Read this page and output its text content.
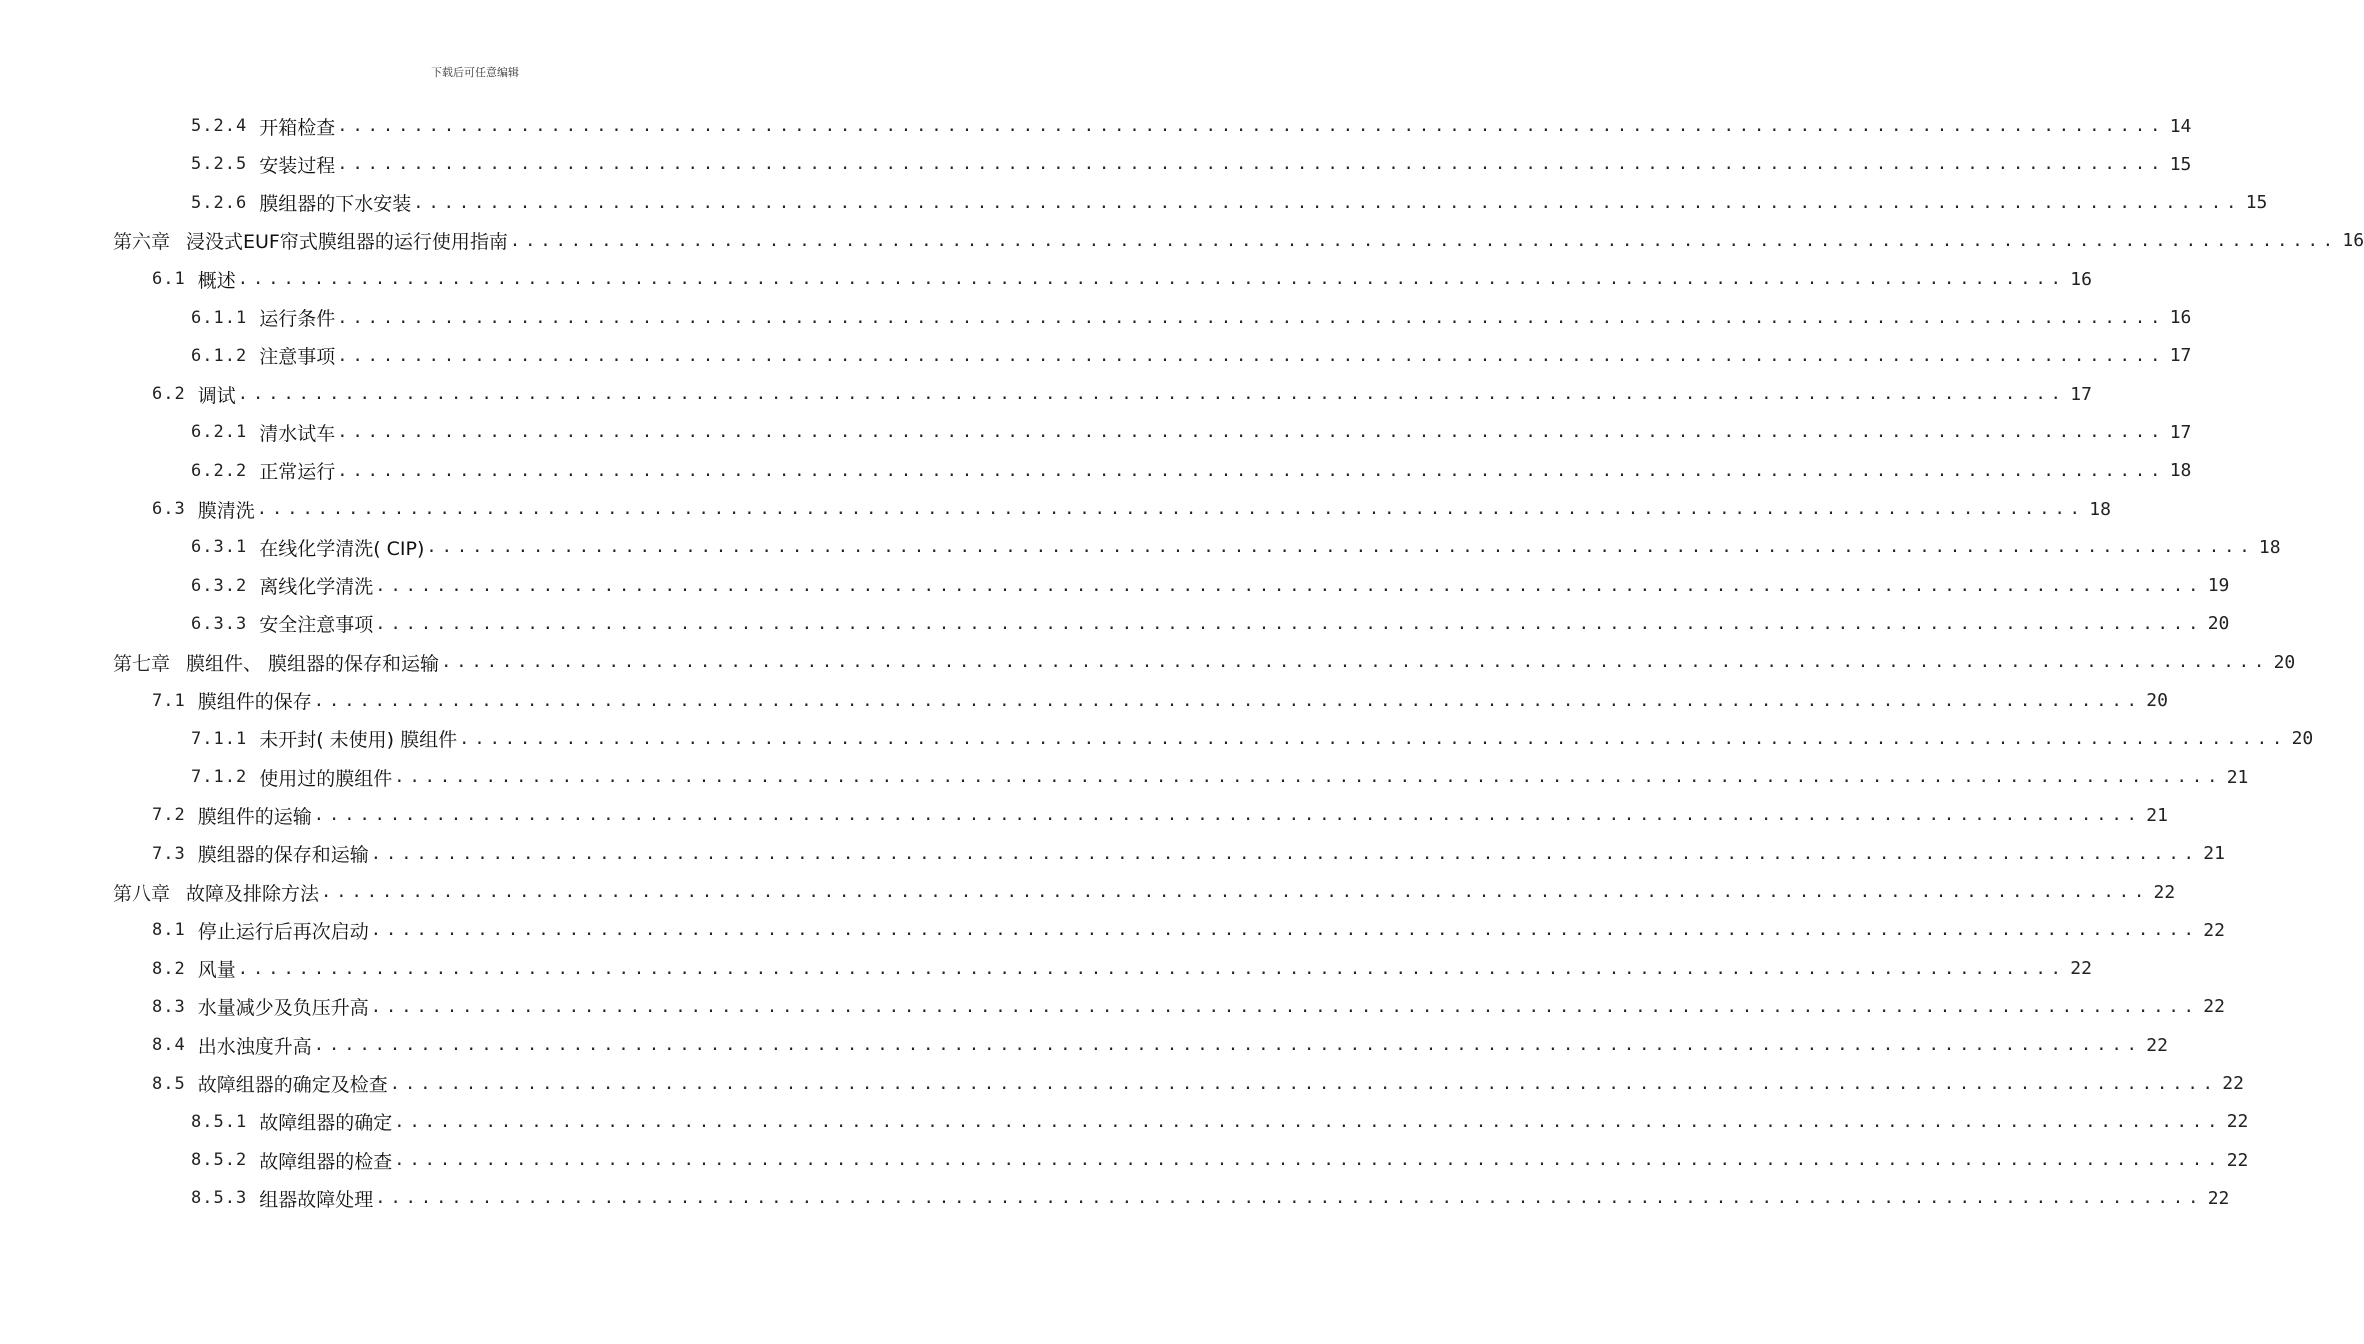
下载后可任意编辑
5.2.4 开箱检查 ........................................................................................................................ 14
5.2.5 安装过程 ........................................................................................................................ 15
5.2.6 膜组器的下水安装 ........................................................................................................................ 15
第六章 浸没式EUF帘式膜组器的运行使用指南 ........................................................................................................................ 16
6.1 概述 ........................................................................................................................ 16
6.1.1 运行条件 ........................................................................................................................ 16
6.1.2 注意事项 ........................................................................................................................ 17
6.2 调试 ........................................................................................................................ 17
6.2.1 清水试车 ........................................................................................................................ 17
6.2.2 正常运行 ........................................................................................................................ 18
6.3 膜清洗 ........................................................................................................................ 18
6.3.1 在线化学清洗( CIP) ........................................................................................................................ 18
6.3.2 离线化学清洗 ........................................................................................................................ 19
6.3.3 安全注意事项 ........................................................................................................................ 20
第七章 膜组件、 膜组器的保存和运输 ........................................................................................................................ 20
7.1 膜组件的保存 ........................................................................................................................ 20
7.1.1 未开封( 未使用) 膜组件 ........................................................................................................................ 20
7.1.2 使用过的膜组件 ........................................................................................................................ 21
7.2 膜组件的运输 ........................................................................................................................ 21
7.3 膜组器的保存和运输 ........................................................................................................................ 21
第八章 故障及排除方法 ........................................................................................................................ 22
8.1 停止运行后再次启动 ........................................................................................................................ 22
8.2 风量 ........................................................................................................................ 22
8.3 水量减少及负压升高 ........................................................................................................................ 22
8.4 出水浊度升高 ........................................................................................................................ 22
8.5 故障组器的确定及检查 ........................................................................................................................ 22
8.5.1 故障组器的确定 ........................................................................................................................ 22
8.5.2 故障组器的检查 ........................................................................................................................ 22
8.5.3 组器故障处理 ........................................................................................................................ 22
